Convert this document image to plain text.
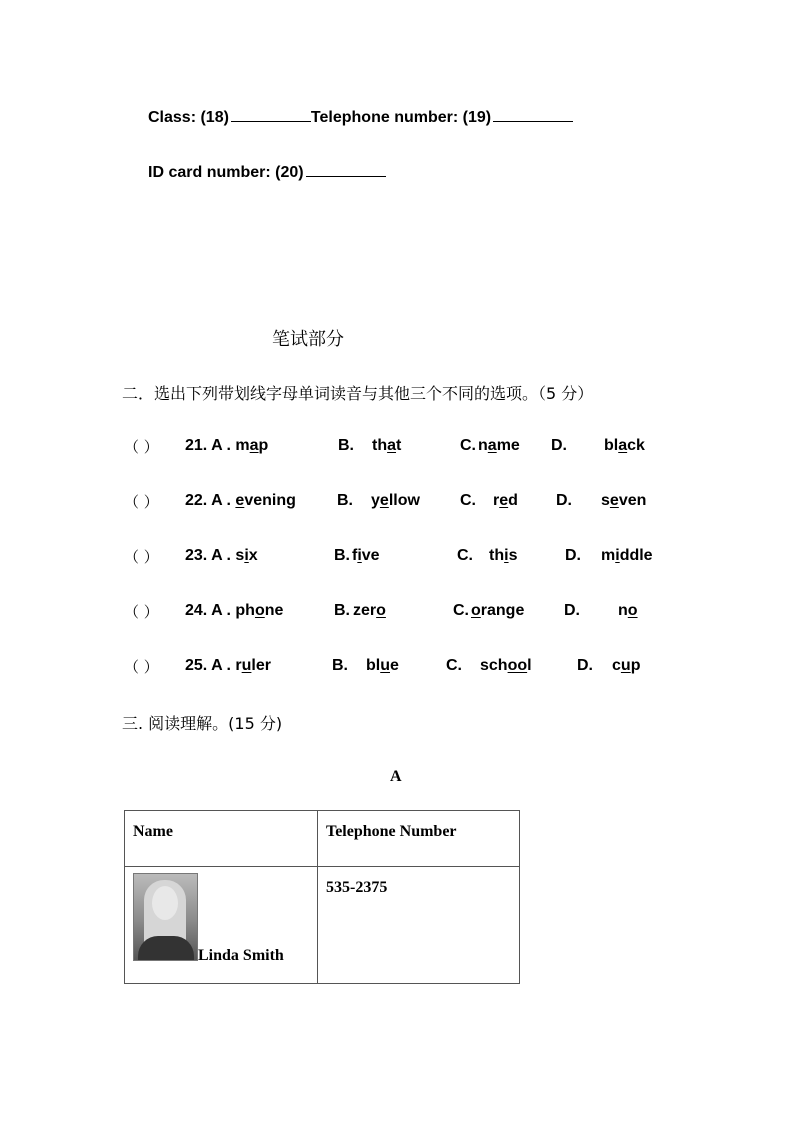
Class: (18)	Telephone number: (19)
ID card number: (20)
笔试部分
二．选出下列带划线字母单词读音与其他三个不同的选项。（5 分）
（ ） 21. A . map	B. that	C. name D. black
（ ） 22. A . evening	B. yellow	C. red D. seven
（ ） 23. A . six	B. five	C. this	D. middle
（ ） 24. A . phone	B. zero	C. orange D. no
（ ） 25. A . ruler	B. blue	C. school	D. cup
三. 阅读理解。(15 分)
A
Name	Telephone Number

Linda Smith	535-2375
